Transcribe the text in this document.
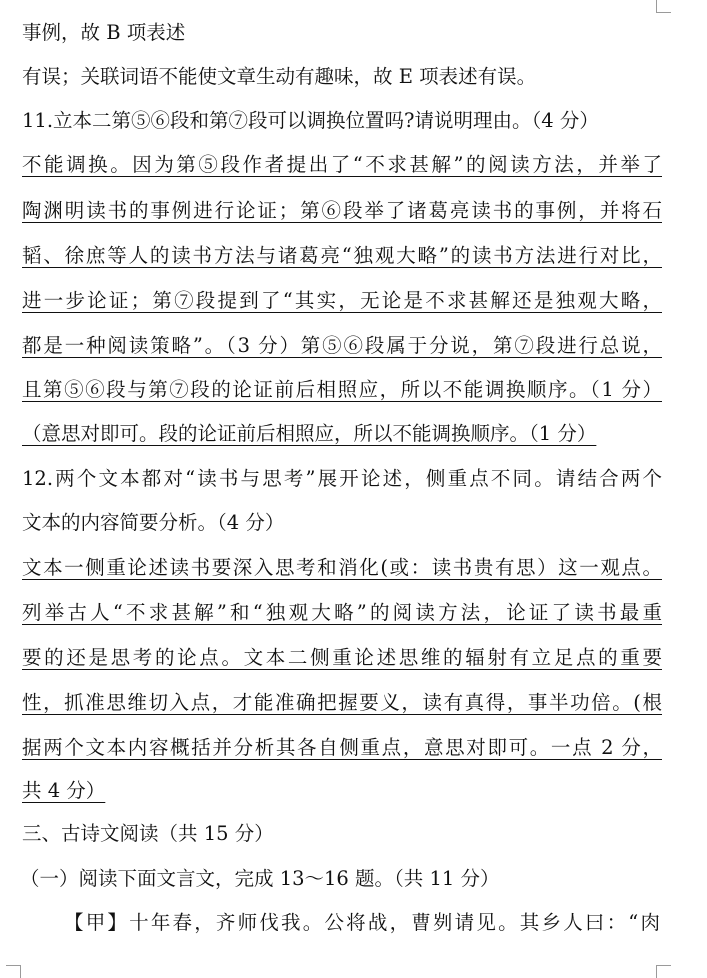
事例，故 B 项表述
有误；关联词语不能使文章生动有趣味，故 E 项表述有误。
11.立本二第⑤⑥段和第⑦段可以调换位置吗?请说明理由。（4 分）
不能调换。因为第⑤段作者提出了“不求甚解”的阅读方法，并举了
陶渊明读书的事例进行论证；第⑥段举了诸葛亮读书的事例，并将石
韬、徐庶等人的读书方法与诸葛亮“独观大略”的读书方法进行对比，
进一步论证；第⑦段提到了“其实，无论是不求甚解还是独观大略，
都是一种阅读策略”。（3 分）第⑤⑥段属于分说，第⑦段进行总说，
且第⑤⑥段与第⑦段的论证前后相照应，所以不能调换顺序。（1 分）
（意思对即可。段的论证前后相照应，所以不能调换顺序。（1 分）
12.两个文本都对“读书与思考”展开论述，侧重点不同。请结合两个
文本的内容简要分析。（4 分）
文本一侧重论述读书要深入思考和消化(或：读书贵有思）这一观点。
列举古人“不求甚解”和“独观大略”的阅读方法，论证了读书最重
要的还是思考的论点。文本二侧重论述思维的辐射有立足点的重要
性，抓准思维切入点，才能准确把握要义，读有真得，事半功倍。(根
据两个文本内容概括并分析其各自侧重点，意思对即可。一点 2 分，
共 4 分）
三、古诗文阅读（共 15 分）
（一）阅读下面文言文，完成 13～16 题。（共 11 分）
【甲】十年春，齐师伐我。公将战，曹刿请见。其乡人曰：“肉
